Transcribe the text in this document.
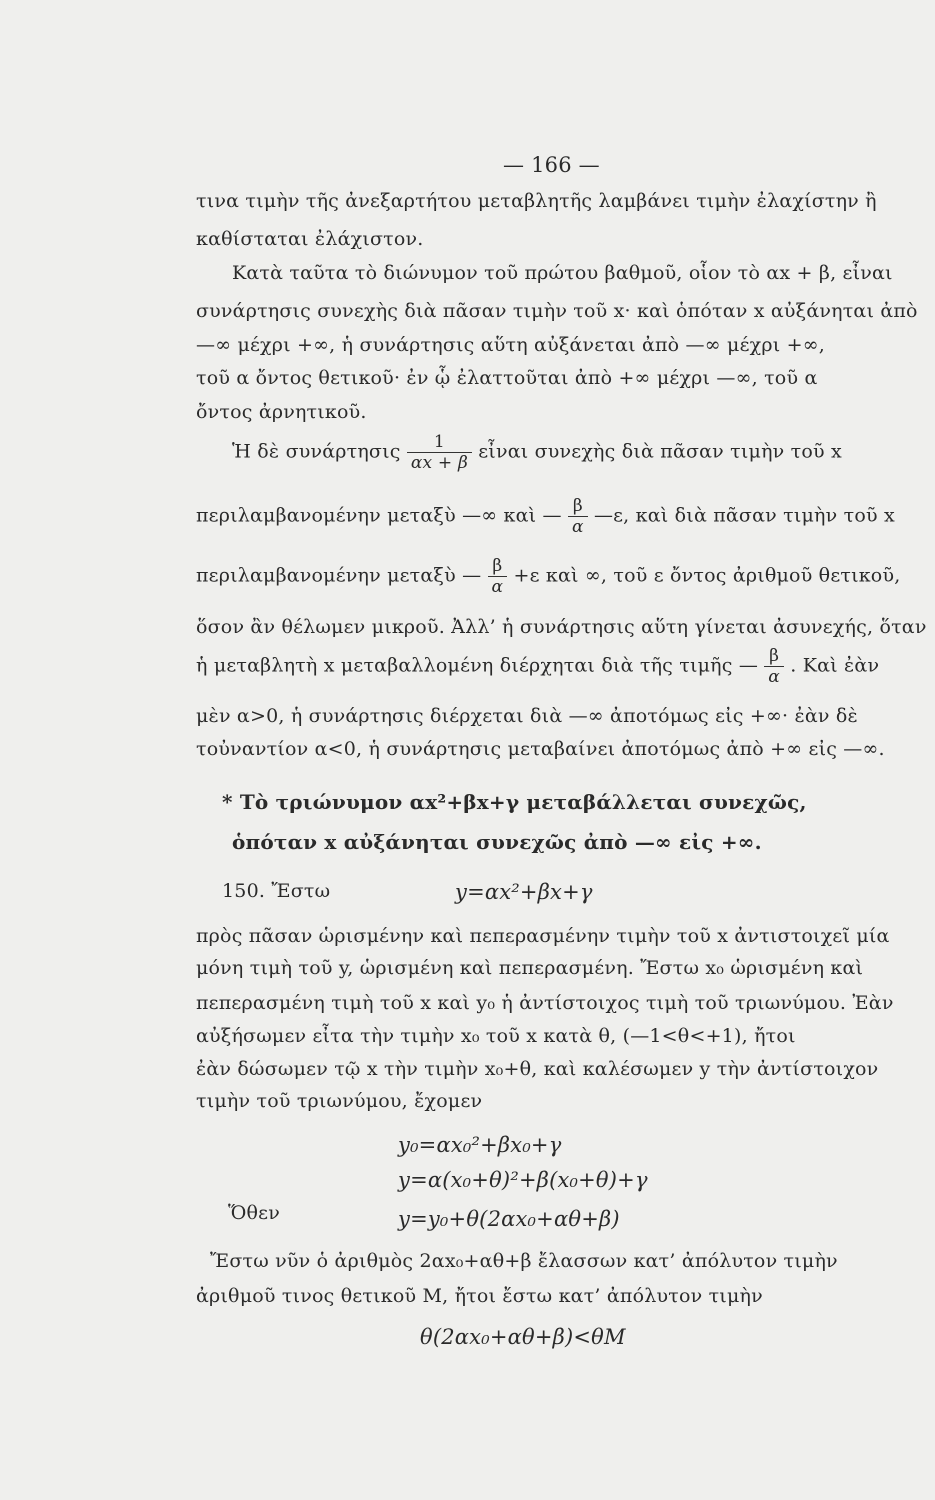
— 166 —
τινα τιμὴν τῆς ἀνεξαρτήτου μεταβλητῆς λαμβάνει τιμὴν ἐλαχίστην ἢ
καθίσταται ἐλάχιστον.
Κατὰ ταῦτα τὸ διώνυμον τοῦ πρώτου βαθμοῦ, οἷον τὸ αx + β, εἶναι
συνάρτησις συνεχὴς διὰ πᾶσαν τιμὴν τοῦ x· καὶ ὁπόταν x αὐξάνηται ἀπὸ
—∞ μέχρι +∞, ἡ συνάρτησις αὕτη αὐξάνεται ἀπὸ —∞ μέχρι +∞,
τοῦ α ὄντος θετικοῦ· ἐν ᾧ ἐλαττοῦται ἀπὸ +∞ μέχρι —∞, τοῦ α
ὄντος ἀρνητικοῦ.
Ἡ δὲ συνάρτησις $\frac{1}{\alpha x + \beta}$ εἶναι συνεχὴς διὰ πᾶσαν τιμὴν τοῦ x
περιλαμβανομένην μεταξὺ —∞ καὶ — $\frac{\beta}{\alpha}$ —ε, καὶ διὰ πᾶσαν τιμὴν τοῦ x
περιλαμβανομένην μεταξὺ — $\frac{\beta}{\alpha} +\varepsilon$ καὶ ∞, τοῦ ε ὄντος ἀριθμοῦ θετικοῦ,
ὅσον ἂν θέλωμεν μικροῦ. Ἀλλ’ ἡ συνάρτησις αὕτη γίνεται ἀσυνεχής, ὅταν
ἡ μεταβλητὴ x μεταβαλλομένη διέρχηται διὰ τῆς τιμῆς — $\frac{\beta}{\alpha}$ . Καὶ ἐὰν
μὲν α>0, ἡ συνάρτησις διέρχεται διὰ —∞ ἀποτόμως εἰς +∞· ἐὰν δὲ
τοὐναντίον α<0, ἡ συνάρτησις μεταβαίνει ἀποτόμως ἀπὸ +∞ εἰς —∞.
* Τὸ τριώνυμον αx²+βx+γ μεταβάλλεται συνεχῶς,
ὁπόταν x αὐξάνηται συνεχῶς ἀπὸ —∞ εἰς +∞.
150. Ἔστω	y=αx²+βx+γ
πρὸς πᾶσαν ὡρισμένην καὶ πεπερασμένην τιμὴν τοῦ x ἀντιστοιχεῖ μία
μόνη τιμὴ τοῦ y, ὡρισμένη καὶ πεπερασμένη. Ἔστω x₀ ὡρισμένη καὶ
πεπερασμένη τιμὴ τοῦ x καὶ y₀ ἡ ἀντίστοιχος τιμὴ τοῦ τριωνύμου. Ἐὰν
αὐξήσωμεν εἶτα τὴν τιμὴν x₀ τοῦ x κατὰ θ, (—1<θ<+1), ἤτοι
ἐὰν δώσωμεν τῷ x τὴν τιμὴν x₀+θ, καὶ καλέσωμεν y τὴν ἀντίστοιχον
τιμὴν τοῦ τριωνύμου, ἔχομεν
y₀=αx₀²+βx₀+γ
y=α(x₀+θ)²+β(x₀+θ)+γ
Ὅθεν	y=y₀+θ(2αx₀+αθ+β)
Ἔστω νῦν ὁ ἀριθμὸς 2αx₀+αθ+β ἔλασσων κατ’ ἀπόλυτον τιμὴν
ἀριθμοῦ τινος θετικοῦ Μ, ἤτοι ἔστω κατ’ ἀπόλυτον τιμὴν
θ(2αx₀+αθ+β)<θΜ
